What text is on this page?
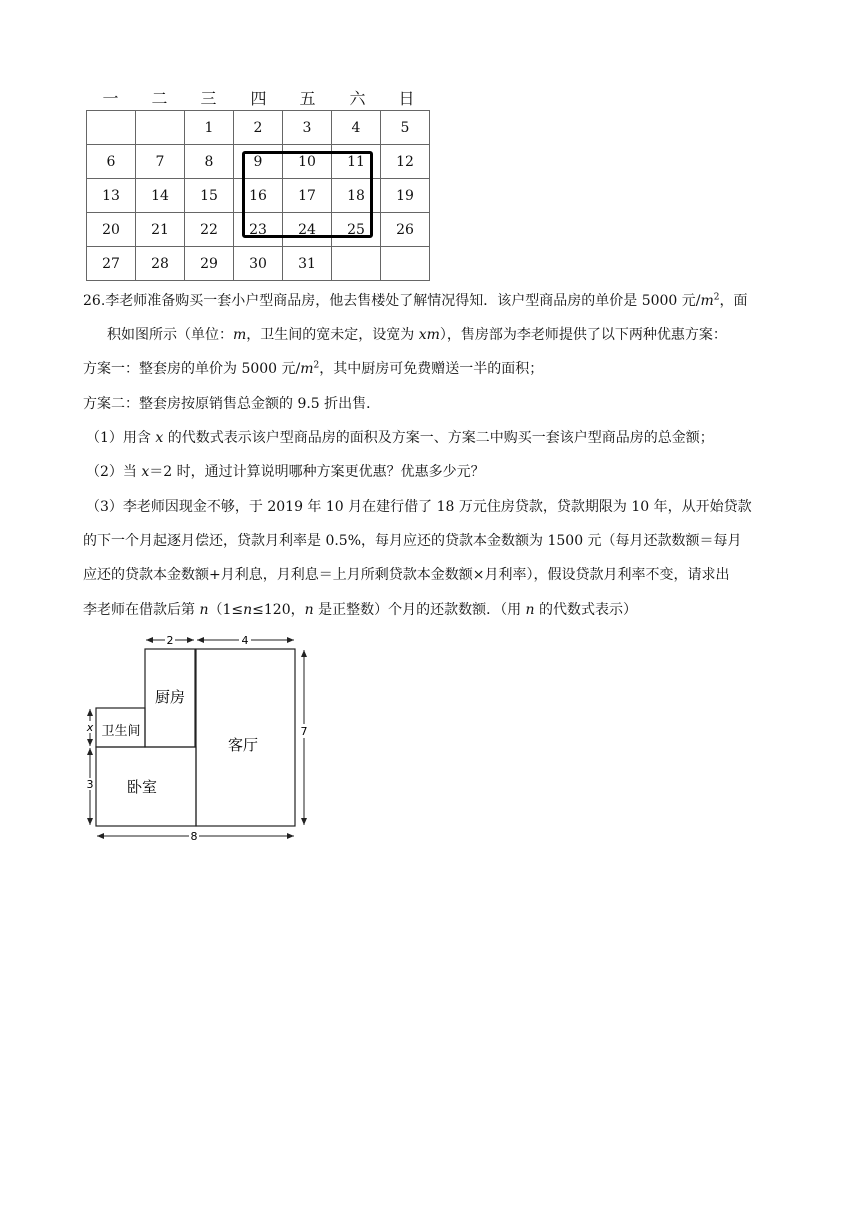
一	二	三	四	五	六	日
		1	2	3	4	5
6	7	8	9	10	11	12
13	14	15	16	17	18	19
20	21	22	23	24	25	26
27	28	29	30	31		
26.李老师准备购买一套小户型商品房，他去售楼处了解情况得知．该户型商品房的单价是 5000 元$/m^2$，面
积如图所示（单位：m，卫生间的宽未定，设宽为 xm），售房部为李老师提供了以下两种优惠方案：
方案一：整套房的单价为 5000 元$/m^2$，其中厨房可免费赠送一半的面积；
方案二：整套房按原销售总金额的 9.5 折出售．
（1）用含 x 的代数式表示该户型商品房的面积及方案一、方案二中购买一套该户型商品房的总金额；
（2）当 x＝2 时，通过计算说明哪种方案更优惠？优惠多少元？
（3）李老师因现金不够，于 2019 年 10 月在建行借了 18 万元住房贷款，贷款期限为 10 年，从开始贷款
的下一个月起逐月偿还，贷款月利率是 0.5%，每月应还的贷款本金数额为 1500 元（每月还款数额＝每月
应还的贷款本金数额+月利息，月利息＝上月所剩贷款本金数额×月利率），假设贷款月利率不变，请求出
李老师在借款后第 n（1≤n≤120，n 是正整数）个月的还款数额．（用 n 的代数式表示）
2	4
7
x
3
8
厨房
卫生间
客厅
卧室
